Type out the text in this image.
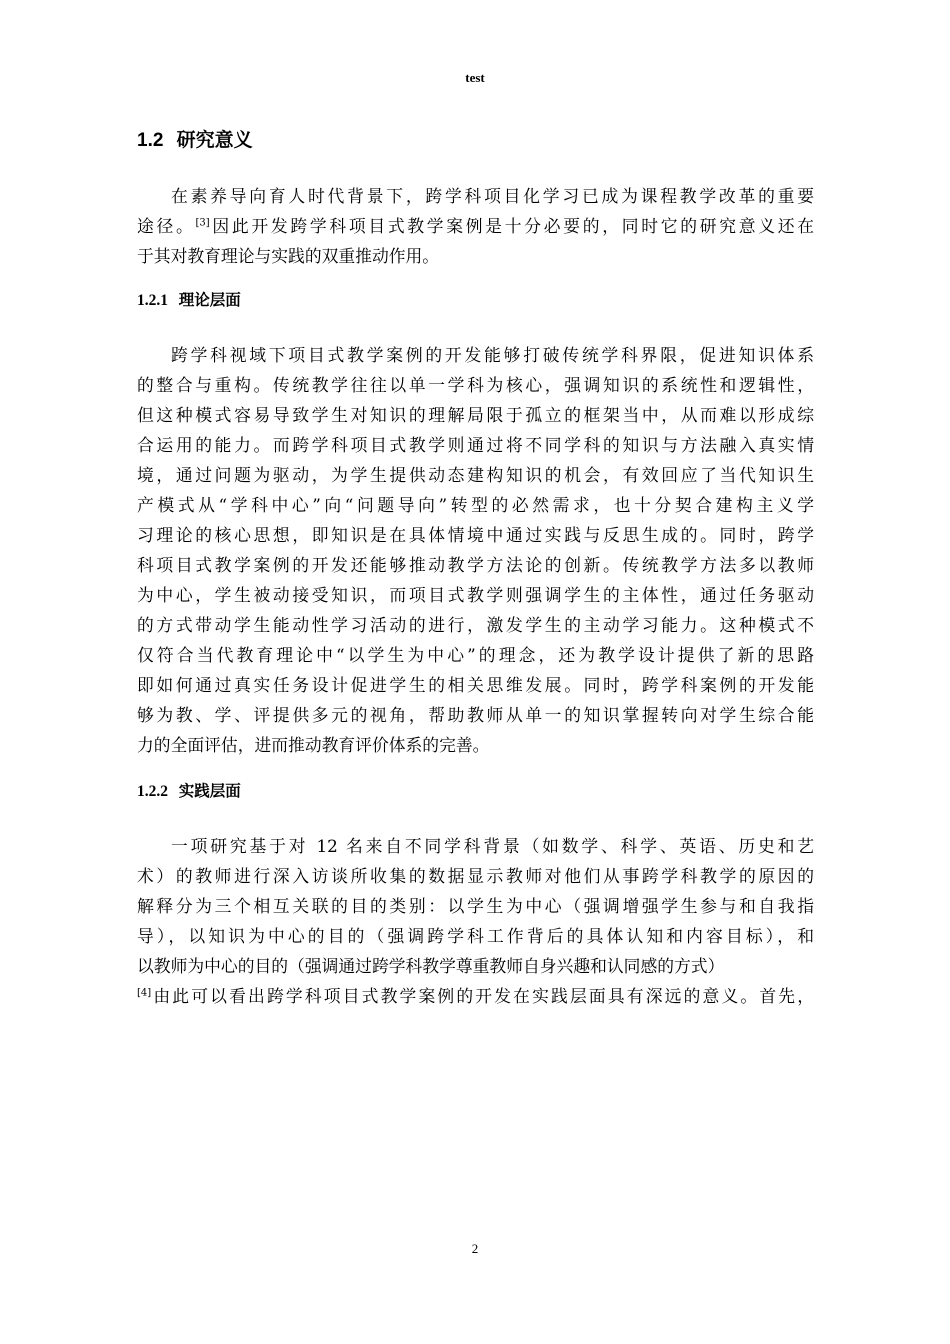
test
1.2 研究意义
在素养导向育人时代背景下，跨学科项目化学习已成为课程教学改革的重要
途径。[3]因此开发跨学科项目式教学案例是十分必要的，同时它的研究意义还在
于其对教育理论与实践的双重推动作用。
1.2.1 理论层面
跨学科视域下项目式教学案例的开发能够打破传统学科界限，促进知识体系
的整合与重构。传统教学往往以单一学科为核心，强调知识的系统性和逻辑性，
但这种模式容易导致学生对知识的理解局限于孤立的框架当中，从而难以形成综
合运用的能力。而跨学科项目式教学则通过将不同学科的知识与方法融入真实情
境，通过问题为驱动，为学生提供动态建构知识的机会，有效回应了当代知识生
产模式从“学科中心”向“问题导向”转型的必然需求，也十分契合建构主义学
习理论的核心思想，即知识是在具体情境中通过实践与反思生成的。同时，跨学
科项目式教学案例的开发还能够推动教学方法论的创新。传统教学方法多以教师
为中心，学生被动接受知识，而项目式教学则强调学生的主体性，通过任务驱动
的方式带动学生能动性学习活动的进行，激发学生的主动学习能力。这种模式不
仅符合当代教育理论中“以学生为中心”的理念，还为教学设计提供了新的思路
即如何通过真实任务设计促进学生的相关思维发展。同时，跨学科案例的开发能
够为教、学、评提供多元的视角，帮助教师从单一的知识掌握转向对学生综合能
力的全面评估，进而推动教育评价体系的完善。
1.2.2 实践层面
一项研究基于对 12 名来自不同学科背景（如数学、科学、英语、历史和艺
术）的教师进行深入访谈所收集的数据显示教师对他们从事跨学科教学的原因的
解释分为三个相互关联的目的类别：以学生为中心（强调增强学生参与和自我指
导），以知识为中心的目的（强调跨学科工作背后的具体认知和内容目标），和
以教师为中心的目的（强调通过跨学科教学尊重教师自身兴趣和认同感的方式）
[4]由此可以看出跨学科项目式教学案例的开发在实践层面具有深远的意义。首先，
2
